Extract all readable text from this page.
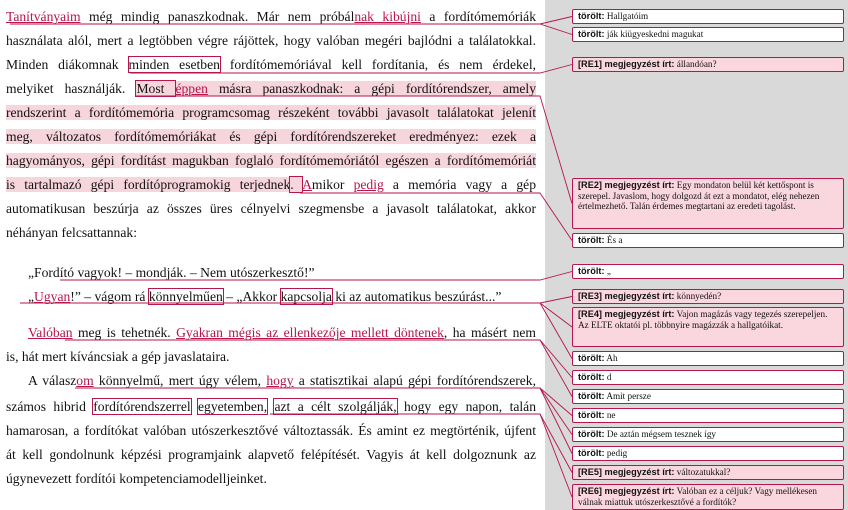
Tanítványaim még mindig panaszkodnak. Már nem próbálnak kibújni a fordítómemóriák
használata alól, mert a legtöbben végre rájöttek, hogy valóban megéri bajlódni a találatokkal.
Minden diákomnak minden esetben fordítómemóriával kell fordítania, és nem érdekel,
melyiket használják. Most éppen másra panaszkodnak: a gépi fordítórendszer, amely
rendszerint a fordítómemória programcsomag részeként további javasolt találatokat jelenít
meg, változatos fordítómemóriákat és gépi fordítórendszereket eredményez: ezek a
hagyományos, gépi fordítást magukban foglaló fordítómemóriától egészen a fordítómemóriát
is tartalmazó gépi fordítóprogramokig terjednek. Amikor pedig a memória vagy a gép
automatikusan beszúrja az összes üres célnyelvi szegmensbe a javasolt találatokat, akkor
néhányan felcsattannak:
„Fordító vagyok! – mondják. – Nem utószerkesztő!”
„Ugyan!” – vágom rá könnyelműen – „Akkor kapcsolja ki az automatikus beszúrást...”
Valóban meg is tehetnék. Gyakran mégis az ellenkezője mellett döntenek, ha másért nem
is, hát mert kíváncsiak a gép javaslataira.
A válaszom könnyelmű, mert úgy vélem, hogy a statisztikai alapú gépi fordítórendszerek,
számos hibrid fordítórendszerrel egyetemben, azt a célt szolgálják, hogy egy napon, talán
hamarosan, a fordítókat valóban utószerkesztővé változtassák. És amint ez megtörténik, újfent
át kell gondolnunk képzési programjaink alapvető felépítését. Vagyis át kell dolgoznunk az
úgynevezett fordítói kompetenciamodelljeinket.
törölt: Hallgatóim
törölt: ják kiügyeskedni magukat
[RE1] megjegyzést írt: állandóan?
[RE2] megjegyzést írt: Egy mondaton belül két kettőspont is szerepel. Javaslom, hogy dolgozd át ezt a mondatot, elég nehezen értelmezhető. Talán érdemes megtartani az eredeti tagolást.
törölt: És a
törölt: „
[RE3] megjegyzést írt: könnyedén?
[RE4] megjegyzést írt: Vajon magázás vagy tegezés szerepeljen. Az ELTE oktatói pl. többnyire magázzák a hallgatóikat.
törölt: Ah
törölt: d
törölt: Amit persze
törölt: ne
törölt: De aztán mégsem tesznek így
törölt: pedig
[RE5] megjegyzést írt: változatukkal?
[RE6] megjegyzést írt: Valóban ez a céljuk? Vagy mellékesen válnak miattuk utószerkesztővé a fordítók?
